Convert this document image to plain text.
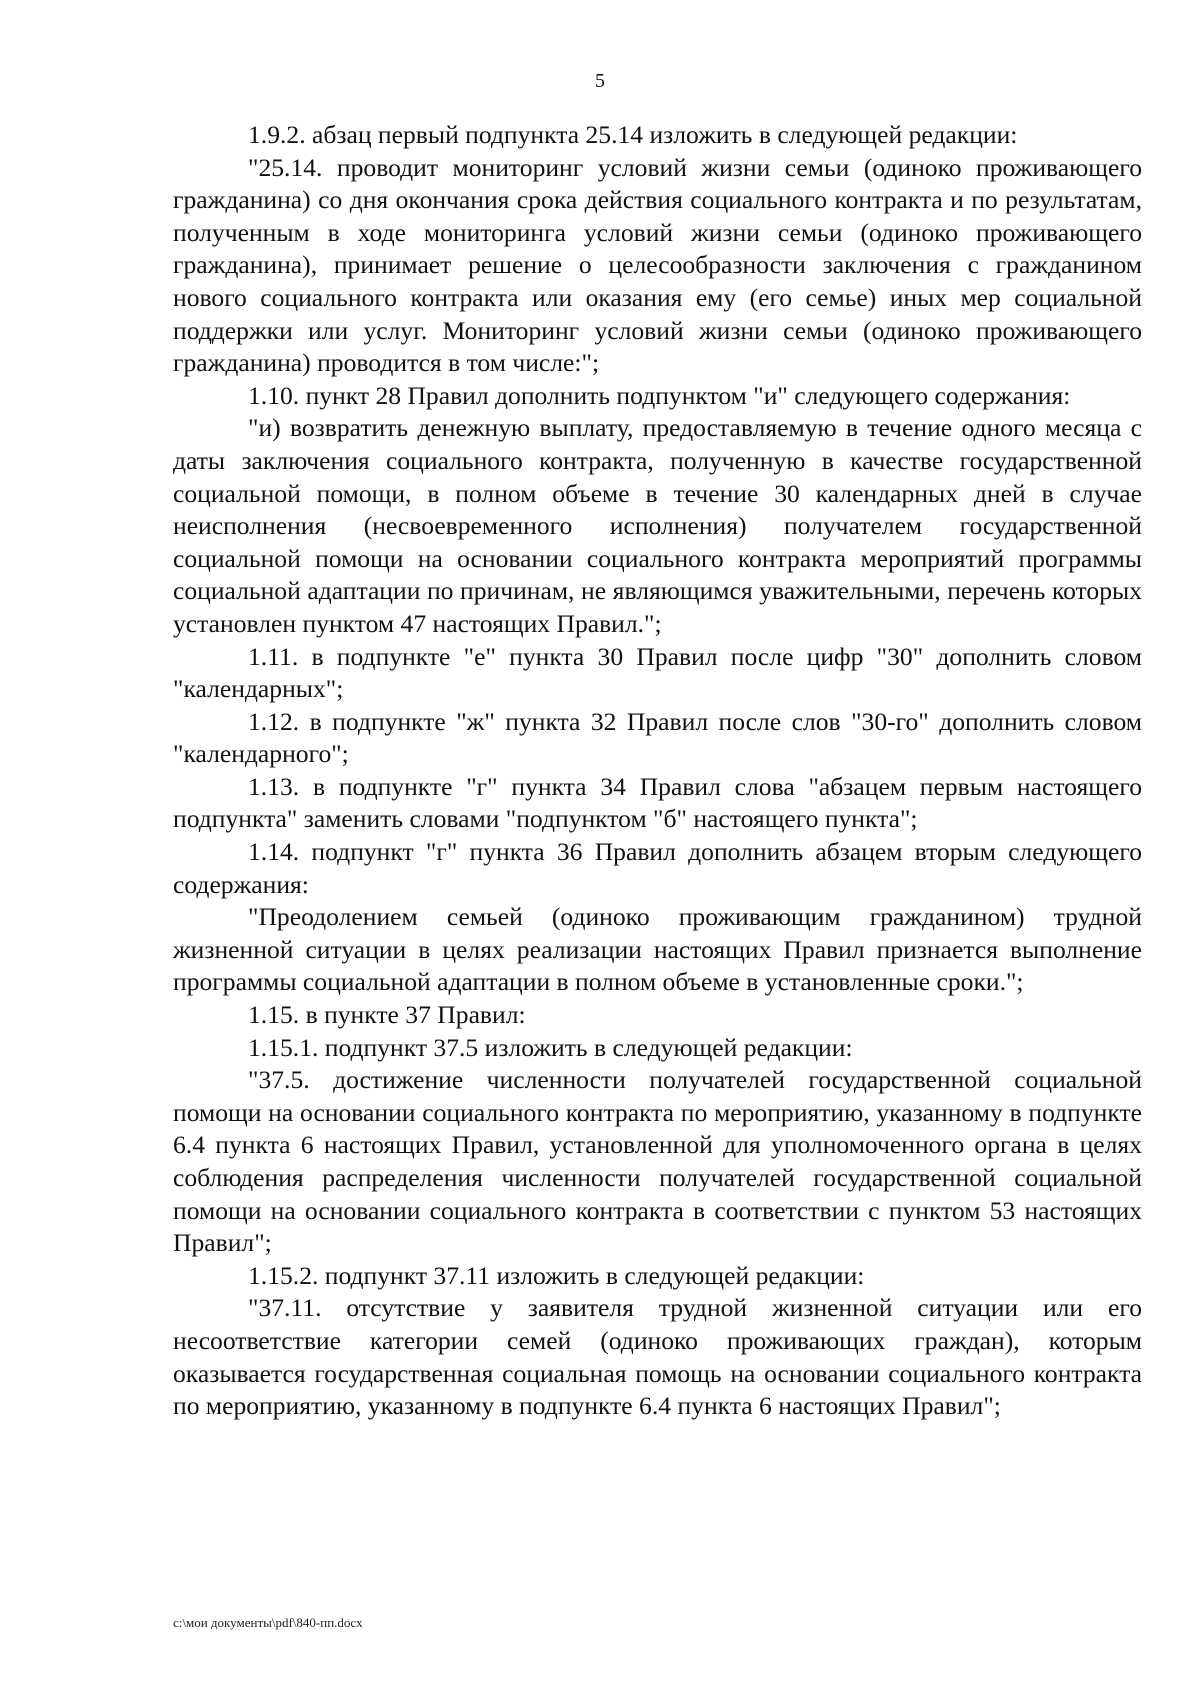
5

1.9.2. абзац первый подпункта 25.14 изложить в следующей редакции:

"25.14. проводит мониторинг условий жизни семьи (одиноко проживающего гражданина) со дня окончания срока действия социального контракта и по результатам, полученным в ходе мониторинга условий жизни семьи (одиноко проживающего гражданина), принимает решение о целесообразности заключения с гражданином нового социального контракта или оказания ему (его семье) иных мер социальной поддержки или услуг. Мониторинг условий жизни семьи (одиноко проживающего гражданина) проводится в том числе:";

1.10. пункт 28 Правил дополнить подпунктом "и" следующего содержания:

"и) возвратить денежную выплату, предоставляемую в течение одного месяца с даты заключения социального контракта, полученную в качестве государственной социальной помощи, в полном объеме в течение 30 календарных дней в случае неисполнения (несвоевременного исполнения) получателем государственной социальной помощи на основании социального контракта мероприятий программы социальной адаптации по причинам, не являющимся уважительными, перечень которых установлен пунктом 47 настоящих Правил.";

1.11. в подпункте "е" пункта 30 Правил после цифр "30" дополнить словом "календарных";

1.12. в подпункте "ж" пункта 32 Правил после слов "30-го" дополнить словом "календарного";

1.13. в подпункте "г" пункта 34 Правил слова "абзацем первым настоящего подпункта" заменить словами "подпунктом "б" настоящего пункта";

1.14. подпункт "г" пункта 36 Правил дополнить абзацем вторым следующего содержания:

"Преодолением семьей (одиноко проживающим гражданином) трудной жизненной ситуации в целях реализации настоящих Правил признается выполнение программы социальной адаптации в полном объеме в установленные сроки.";

1.15. в пункте 37 Правил:

1.15.1. подпункт 37.5 изложить в следующей редакции:

"37.5. достижение численности получателей государственной социальной помощи на основании социального контракта по мероприятию, указанному в подпункте 6.4 пункта 6 настоящих Правил, установленной для уполномоченного органа в целях соблюдения распределения численности получателей государственной социальной помощи на основании социального контракта в соответствии с пунктом 53 настоящих Правил";

1.15.2. подпункт 37.11 изложить в следующей редакции:

"37.11. отсутствие у заявителя трудной жизненной ситуации или его несоответствие категории семей (одиноко проживающих граждан), которым оказывается государственная социальная помощь на основании социального контракта по мероприятию, указанному в подпункте 6.4 пункта 6 настоящих Правил";

c:\мои документы\pdf\840-пп.docx
